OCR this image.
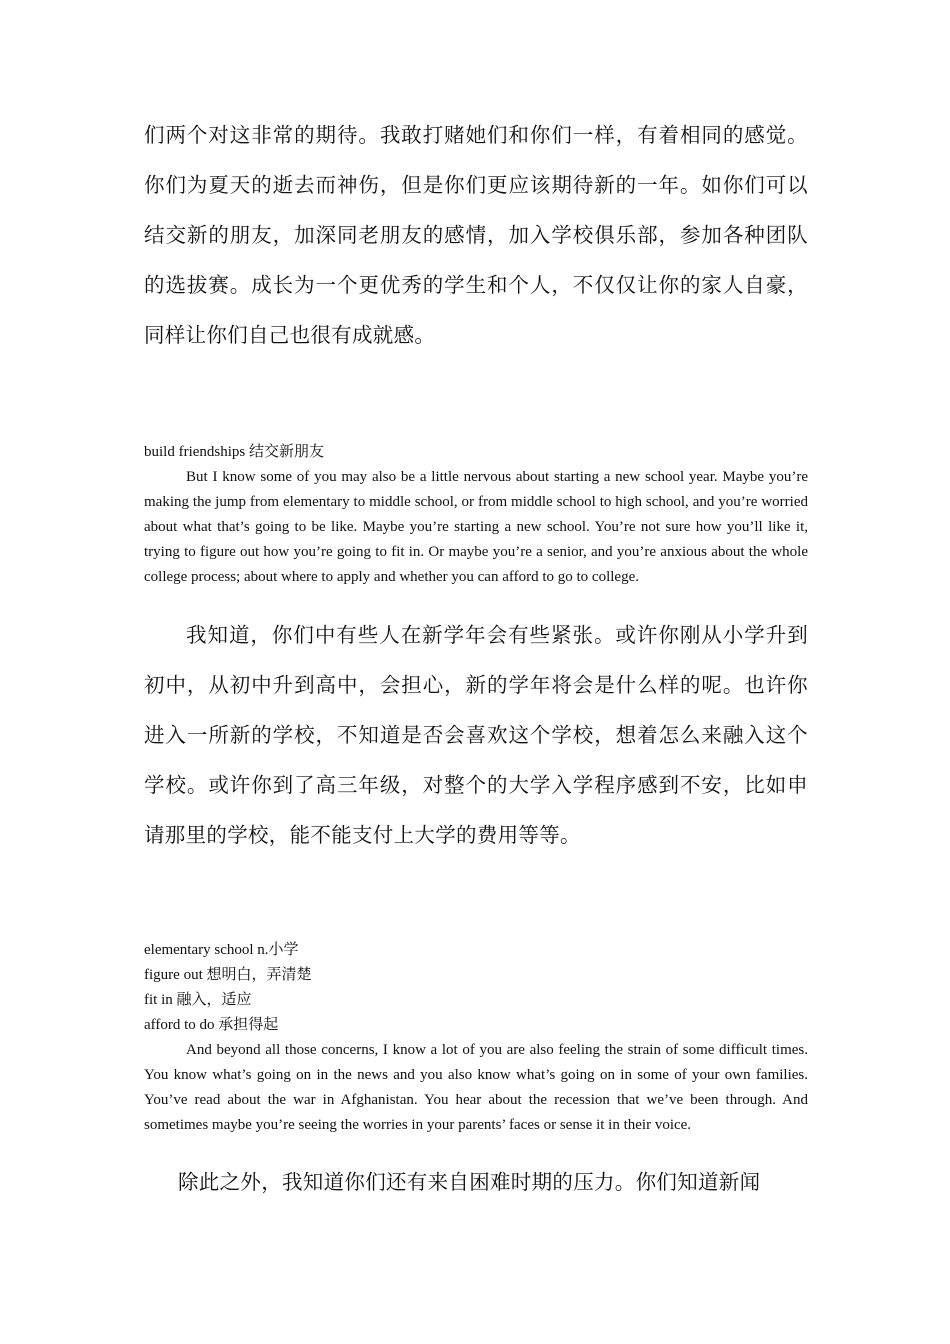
们两个对这非常的期待。我敢打赌她们和你们一样，有着相同的感觉。你们为夏天的逝去而神伤，但是你们更应该期待新的一年。如你们可以结交新的朋友，加深同老朋友的感情，加入学校俱乐部，参加各种团队的选拔赛。成长为一个更优秀的学生和个人，不仅仅让你的家人自豪，同样让你们自己也很有成就感。
build friendships 结交新朋友
But I know some of you may also be a little nervous about starting a new school year. Maybe you’re making the jump from elementary to middle school, or from middle school to high school, and you’re worried about what that’s going to be like. Maybe you’re starting a new school. You’re not sure how you’ll like it, trying to figure out how you’re going to fit in. Or maybe you’re a senior, and you’re anxious about the whole college process; about where to apply and whether you can afford to go to college.
我知道，你们中有些人在新学年会有些紧张。或许你刚从小学升到初中，从初中升到高中，会担心，新的学年将会是什么样的呢。也许你进入一所新的学校，不知道是否会喜欢这个学校，想着怎么来融入这个学校。或许你到了高三年级，对整个的大学入学程序感到不安，比如申请那里的学校，能不能支付上大学的费用等等。
elementary school n.小学
figure out 想明白，弄清楚
fit in 融入，适应
afford to do 承担得起
And beyond all those concerns, I know a lot of you are also feeling the strain of some difficult times. You know what’s going on in the news and you also know what’s going on in some of your own families. You’ve read about the war in Afghanistan. You hear about the recession that we’ve been through. And sometimes maybe you’re seeing the worries in your parents’ faces or sense it in their voice.
除此之外，我知道你们还有来自困难时期的压力。你们知道新闻
